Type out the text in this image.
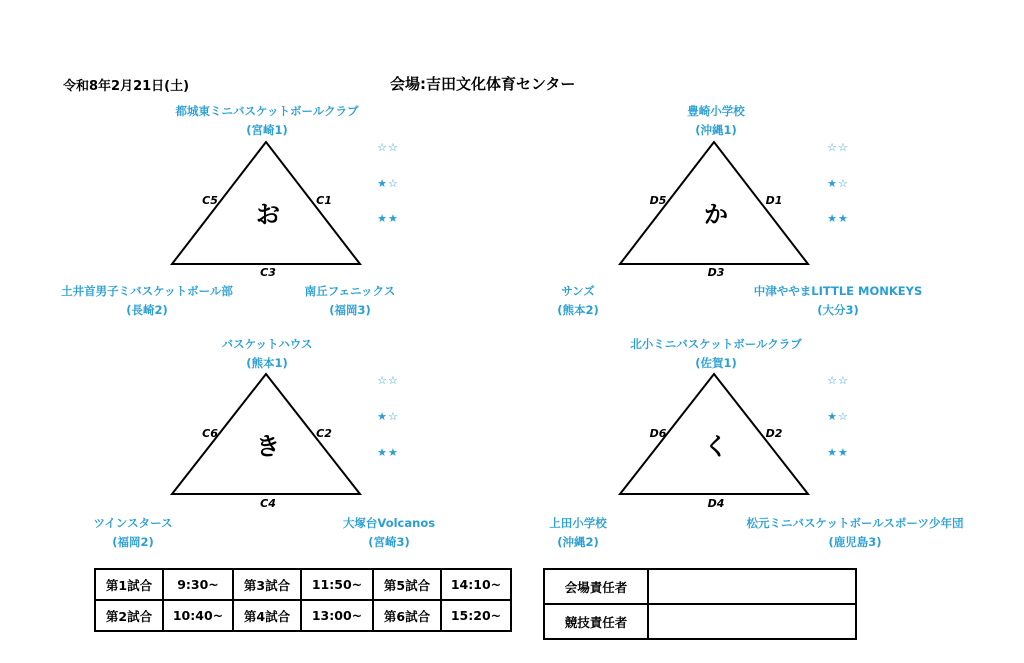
令和8年2月21日(土)	会場:吉田文化体育センター
都城東ミニバスケットボールクラブ
(宮崎1)
土井首男子ミバスケットボール部
(長崎2)
南丘フェニックス
(福岡3)
C5	C1
C3
お
☆☆
★☆
★★
豊崎小学校
(沖縄1)
サンズ
(熊本2)
中津ややまLITTLE MONKEYS
(大分3)
D5	D1
D3
か
☆☆
★☆
★★
バスケットハウス
(熊本1)
ツインスタース
(福岡2)
大塚台Volcanos
(宮崎3)
C6	C2
C4
き
☆☆
★☆
★★
北小ミニバスケットボールクラブ
(佐賀1)
上田小学校
(沖縄2)
松元ミニバスケットボールスポーツ少年団
(鹿児島3)
D6	D2
D4
く
☆☆
★☆
★★
第1試合	9:30~	第3試合	11:50~	第5試合	14:10~
第2試合	10:40~	第4試合	13:00~	第6試合	15:20~
会場責任者	
競技責任者	
